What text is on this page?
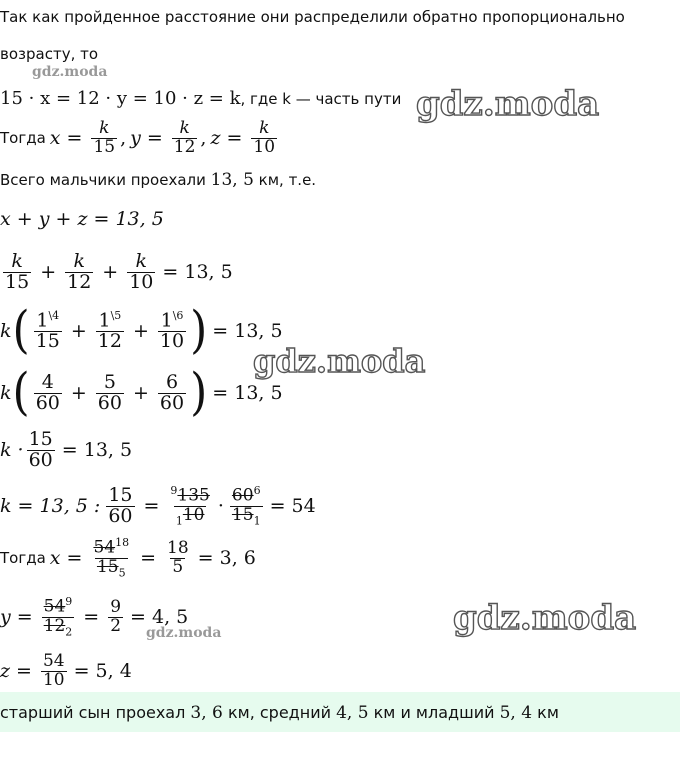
Так как пройденное расстояние они распределили обратно пропорционально
возрасту, то
gdz.moda
gdz.moda
gdz.moda
gdz.moda
gdz.moda
15 · x = 12 · y = 10 · z = k, где k — часть пути
Тогда $x = \frac{k}{15}$ , $y = \frac{k}{12}$ , $z = \frac{k}{10}$
Всего мальчики проехали 13, 5 км, т.е.
x + y + z = 13, 5
$\frac{k}{15} + \frac{k}{12} + \frac{k}{10} = 13$, 5
k ( $\frac{1^{\backslash 4}}{15} + \frac{1^{\backslash 5}}{12} + \frac{1^{\backslash 6}}{10}$ ) = 13, 5
k ( $\frac{4}{60} + \frac{5}{60} + \frac{6}{60}$ ) = 13, 5
$k \cdot \frac{15}{60} = 13$, 5
k = 13, 5 : $\frac{15}{60} = \frac{^9135}{_110} \cdot \frac{60^6}{15_1} = 54$
Тогда $x = \frac{54^{18}}{15_5} = \frac{18}{5} = 3$, 6
$y = \frac{54^9}{12_2} = \frac{9}{2} = 4$, 5
$z = \frac{54}{10} = 5$, 4
старший сын проехал 3, 6 км, средний 4, 5 км и младший 5, 4 км
